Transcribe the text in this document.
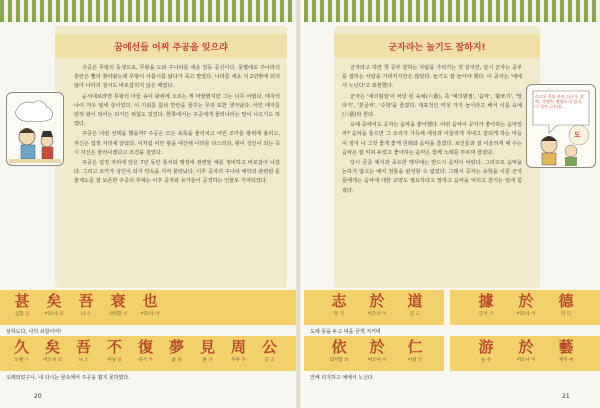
꿈에선들 어찌 주공을 잊으랴

주공은 무왕의 동생으로, 무왕을 도와 주나라를 세운 일등 공신이다. 뭇별에도 주나라의 혼란은 빨리 찾아왔는데 무왕이 사름시름 앓다가 죽고 말았다. 나라를 세운 지 2년밖에 되지 않아 나라의 질서도 바로잡히지 않은 때였다.

순서대로라면 무왕의 아들 송이 왕위에 오르는 게 마땅했지만 그는 너무 어렸다. 태자의 나이 겨우 열세 살이었다. 이 기회를 틈타 반란을 꿈꾸는 무리 또한 생겨났다. 어린 태자를 앉혀 왕이 되어는 되거든 위험도 있었다. 한쪽에서는 주공에게 물러나라는 말이 나오기도 하였다.

주공은 어떤 선택을 했을까? 주공은 모든 욕록을 물리치고 어린 조카를 왕위에 올리고, 자신은 섭정 자리에 앉았다. 이처럼 어린 왕을 대신해 나라를 다스리되, 왕이 성인이 되는 즉시 자신은 물러나겠다고 조건을 걸었다.

주공은 섭정 자리에 앉은 7년 동안 통치와 행정에 관련된 예를 정비하고 바로잡아 나갔다. 그리고 조카가 성인이 되자 약속을 지켜 물러났다. 이후 공자의 주나라 예약과 관련된 문물제도를 잘 보존한 주공의 후예는 이후 공자와 유가들이 공경하는 인물로 기억되었다.

甚
심할 심
矣
어조사 의
吾
나 오
衰
쇠약할 쇠
也
어조사 야
심하도다, 나의 쇠함이여!
久
오랠 구
矣
어조사 의
吾
나 오
不
아닐 불
復
다시 부
夢
꿈 몽
見
볼 견
周
두루 주
公
공 공
오래되었구나, 내 다시는 꿈속에서 주공을 뵙지 못하였다.
20
군자라는 놀기도 잘하지!
라디오 한말 한잔, 나무도 할께, 걱정마. 생명도 다 있지, 이 평안 나무네...
도

군자라고 하면 책 공부 잘하는 사람을 가리키는 것 같지만, 당시 군자는 공부를 잘하는 사람을 가리키지만은 않았다. 놀기도 잘 놀아야 했다. 이 공자는 '예에서 노닌다'고 표현했다.

군자는 '예의범절'이 바탕 된 육예(六藝), 즉 '예의범절', '음악', '활쏘기', '말 타기', '붓글씨', '수학'을 즐겼다. 대표적인 여섯 가지 놀이라고 해서 이를 육예(六藝)라 한다.

육예 중에서도 공자는 음악을 좋아했다. 어떤 음악이 공자가 좋아하는 음악일까? 음악을 들으면 그 소리가 가득해 세상과 어울리게 지내고 잘되게 하는 마음이 생겨 나 그것 좋게 좋게 원래와 음악을 즐겼다. 보인들과 잘 어울리게 해 주는 음악은 잘 익혀 두었고 좋아하는 음악은 함께 노래를 부르며 즐겼다.

당시 궁중 예식과 중요한 행사에는 반드시 음악이 따랐다. 그러므로 음악을 논하지 않고는 예식 전통을 완성할 수 없었다. 그래서 공자는 유학을 이룬 군자들에게는 음악에 대한 교양도 필요하다고 말하고 음악을 익히고 즐기는 일에 힘썼다.

志
뜻 지
於
어조사 어
道
길 도
據
근거 거
於
어조사 어
德
덕 덕
도에 뜻을 두고 덕을 굳게 지키며
依
의지할 의
於
어조사 어
仁
어질 인
游
놀 유
於
어조사 어
藝
재주 예
인에 의지하고 예에서 노닌다.
21
